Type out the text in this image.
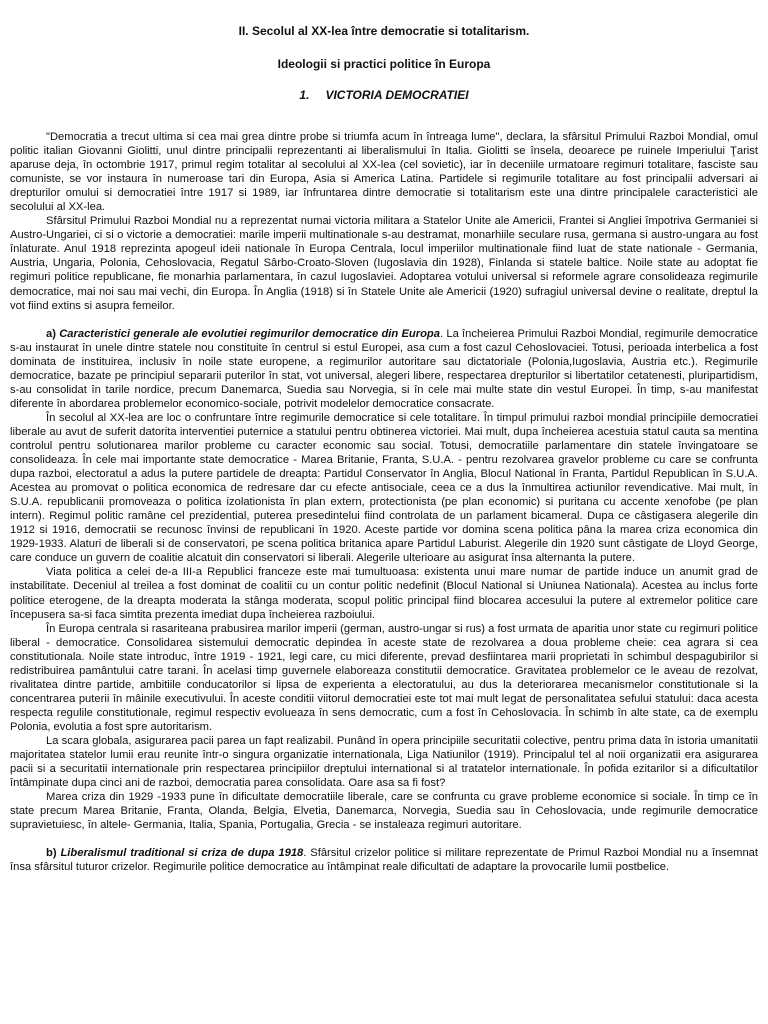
II. Secolul al XX-lea între democratie si totalitarism.
Ideologii si practici politice în Europa
1. VICTORIA DEMOCRATIEI

"Democratia a trecut ultima si cea mai grea dintre probe si triumfa acum în întreaga lume", declara, la sfârsitul Primului Razboi Mondial, omul politic italian Giovanni Giolitti, unul dintre principalii reprezentanti ai liberalismului în Italia. Giolitti se însela, deoarece pe ruinele Imperiului Ţarist aparuse deja, în octombrie 1917, primul regim totalitar al secolului al XX-lea (cel sovietic), iar în deceniile urmatoare regimuri totalitare, fasciste sau comuniste, se vor instaura în numeroase tari din Europa, Asia si America Latina. Partidele si regimurile totalitare au fost principalii adversari ai drepturilor omului si democratiei între 1917 si 1989, iar înfruntarea dintre democratie si totalitarism este una dintre principalele caracteristici ale secolului al XX-lea.

Sfârsitul Primului Razboi Mondial nu a reprezentat numai victoria militara a Statelor Unite ale Americii, Frantei si Angliei împotriva Germaniei si Austro-Ungariei, ci si o victorie a democratiei: marile imperii multinationale s-au destramat, monarhiile seculare rusa, germana si austro-ungara au fost înlaturate. Anul 1918 reprezinta apogeul ideii nationale în Europa Centrala, locul imperiilor multinationale fiind luat de state nationale - Germania, Austria, Ungaria, Polonia, Cehoslovacia, Regatul Sârbo-Croato-Sloven (Iugoslavia din 1928), Finlanda si statele baltice. Noile state au adoptat fie regimuri politice republicane, fie monarhia parlamentara, în cazul Iugoslaviei. Adoptarea votului universal si reformele agrare consolideaza regimurile democratice, mai noi sau mai vechi, din Europa. În Anglia (1918) si în Statele Unite ale Americii (1920) sufragiul universal devine o realitate, dreptul la vot fiind extins si asupra femeilor.

a) Caracteristici generale ale evolutiei regimurilor democratice din Europa. La încheierea Primului Razboi Mondial, regimurile democratice s-au instaurat în unele dintre statele nou constituite în centrul si estul Europei, asa cum a fost cazul Cehoslovaciei. Totusi, perioada interbelica a fost dominata de instituirea, inclusiv în noile state europene, a regimurilor autoritare sau dictatoriale (Polonia,Iugoslavia, Austria etc.). Regimurile democratice, bazate pe principiul separarii puterilor în stat, vot universal, alegeri libere, respectarea drepturilor si libertatilor cetatenesti, pluripartidism, s-au consolidat în tarile nordice, precum Danemarca, Suedia sau Norvegia, si în cele mai multe state din vestul Europei. În timp, s-au manifestat diferente în abordarea problemelor economico-sociale, potrivit modelelor democratice consacrate.

În secolul al XX-lea are loc o confruntare între regimurile democratice si cele totalitare. În timpul primului razboi mondial principiile democratiei liberale au avut de suferit datorita interventiei puternice a statului pentru obtinerea victoriei. Mai mult, dupa încheierea acestuia statul cauta sa mentina controlul pentru solutionarea marilor probleme cu caracter economic sau social. Totusi, democratiile parlamentare din statele învingatoare se consolideaza. În cele mai importante state democratice - Marea Britanie, Franta, S.U.A. - pentru rezolvarea gravelor probleme cu care se confrunta dupa razboi, electoratul a adus la putere partidele de dreapta: Partidul Conservator în Anglia, Blocul National în Franta, Partidul Republican în S.U.A. Acestea au promovat o politica economica de redresare dar cu efecte antisociale, ceea ce a dus la înmultirea actiunilor revendicative. Mai mult, în S.U.A. republicanii promoveaza o politica izolationista în plan extern, protectionista (pe plan economic) si puritana cu accente xenofobe (pe plan intern). Regimul politic ramâne cel prezidential, puterea presedintelui fiind controlata de un parlament bicameral. Dupa ce câstigasera alegerile din 1912 si 1916, democratii se recunosc învinsi de republicani în 1920. Aceste partide vor domina scena politica pâna la marea criza economica din 1929-1933. Alaturi de liberali si de conservatori, pe scena politica britanica apare Partidul Laburist. Alegerile din 1920 sunt câstigate de Lloyd George, care conduce un guvern de coalitie alcatuit din conservatori si liberali. Alegerile ulterioare au asigurat însa alternanta la putere.

Viata politica a celei de-a III-a Republici franceze este mai tumultuoasa: existenta unui mare numar de partide induce un anumit grad de instabilitate. Deceniul al treilea a fost dominat de coalitii cu un contur politic nedefinit (Blocul National si Uniunea Nationala). Acestea au inclus forte politice eterogene, de la dreapta moderata la stânga moderata, scopul politic principal fiind blocarea accesului la putere al extremelor politice care începusera sa-si faca simtita prezenta imediat dupa încheierea razboiului.

În Europa centrala si rasariteana prabusirea marilor imperii (german, austro-ungar si rus) a fost urmata de aparitia unor state cu regimuri politice liberal - democratice. Consolidarea sistemului democratic depindea în aceste state de rezolvarea a doua probleme cheie: cea agrara si cea constitutionala. Noile state introduc, între 1919 - 1921, legi care, cu mici diferente, prevad desfiintarea marii proprietati în schimbul despagubirilor si redistribuirea pamântului catre tarani. În acelasi timp guvernele elaboreaza constitutii democratice. Gravitatea problemelor ce le aveau de rezolvat, rivalitatea dintre partide, ambitiile conducatorilor si lipsa de experienta a electoratului, au dus la deteriorarea mecanismelor constitutionale si la concentrarea puterii în mâinile executivului. În aceste conditii viitorul democratiei este tot mai mult legat de personalitatea sefului statului: daca acesta respecta regulile constitutionale, regimul respectiv evolueaza în sens democratic, cum a fost în Cehoslovacia. În schimb în alte state, ca de exemplu Polonia, evolutia a fost spre autoritarism.

La scara globala, asigurarea pacii parea un fapt realizabil. Punând în opera principiile securitatii colective, pentru prima data în istoria umanitatii majoritatea statelor lumii erau reunite într-o singura organizatie internationala, Liga Natiunilor (1919). Principalul tel al noii organizatii era asigurarea pacii si a securitatii internationale prin respectarea principiilor dreptului international si al tratatelor internationale. În pofida ezitarilor si a dificultatilor întâmpinate dupa cinci ani de razboi, democratia parea consolidata. Oare asa sa fi fost?

Marea criza din 1929 -1933 pune în dificultate democratiile liberale, care se confrunta cu grave probleme economice si sociale. În timp ce în state precum Marea Britanie, Franta, Olanda, Belgia, Elvetia, Danemarca, Norvegia, Suedia sau în Cehoslovacia, unde regimurile democratice supravietuiesc, în altele- Germania, Italia, Spania, Portugalia, Grecia - se instaleaza regimuri autoritare.

b) Liberalismul traditional si criza de dupa 1918. Sfârsitul crizelor politice si militare reprezentate de Primul Razboi Mondial nu a însemnat însa sfârsitul tuturor crizelor. Regimurile politice democratice au întâmpinat reale dificultati de adaptare la provocarile lumii postbelice.
